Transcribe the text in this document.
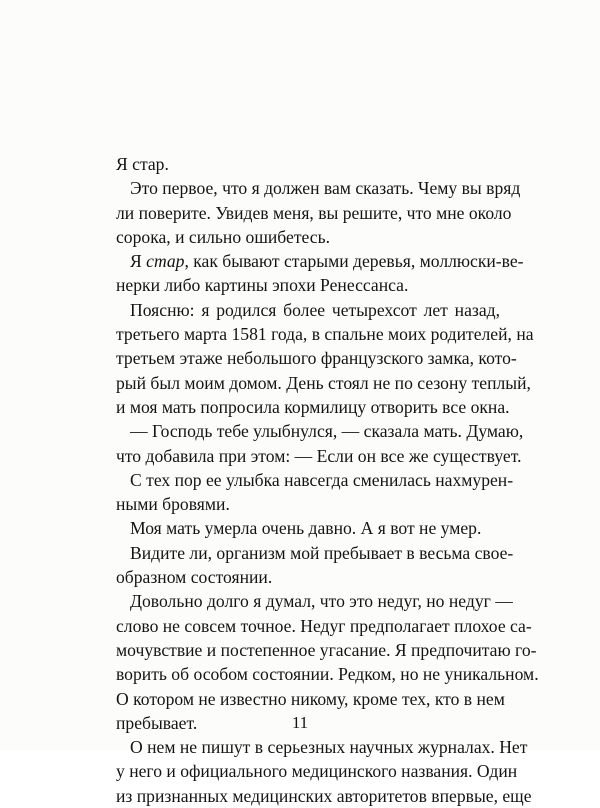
Я стар.

Это первое, что я должен вам сказать. Чему вы вряд
ли поверите. Увидев меня, вы решите, что мне около
сорока, и сильно ошибетесь.

Я стар, как бывают старыми деревья, моллюски-ве-
нерки либо картины эпохи Ренессанса.

Поясню: я родился более четырехсот лет назад,
третьего марта 1581 года, в спальне моих родителей, на
третьем этаже небольшого французского замка, кото-
рый был моим домом. День стоял не по сезону теплый,
и моя мать попросила кормилицу отворить все окна.

— Господь тебе улыбнулся, — сказала мать. Думаю,
что добавила при этом: — Если он все же существует.

С тех пор ее улыбка навсегда сменилась нахмурен-
ными бровями.

Моя мать умерла очень давно. А я вот не умер.

Видите ли, организм мой пребывает в весьма свое-
образном состоянии.

Довольно долго я думал, что это недуг, но недуг —
слово не совсем точное. Недуг предполагает плохое са-
мочувствие и постепенное угасание. Я предпочитаю го-
ворить об особом состоянии. Редком, но не уникальном.
О котором не известно никому, кроме тех, кто в нем
пребывает.

О нем не пишут в серьезных научных журналах. Нет
у него и официального медицинского названия. Один
из признанных медицинских авторитетов впервые, еще

11
